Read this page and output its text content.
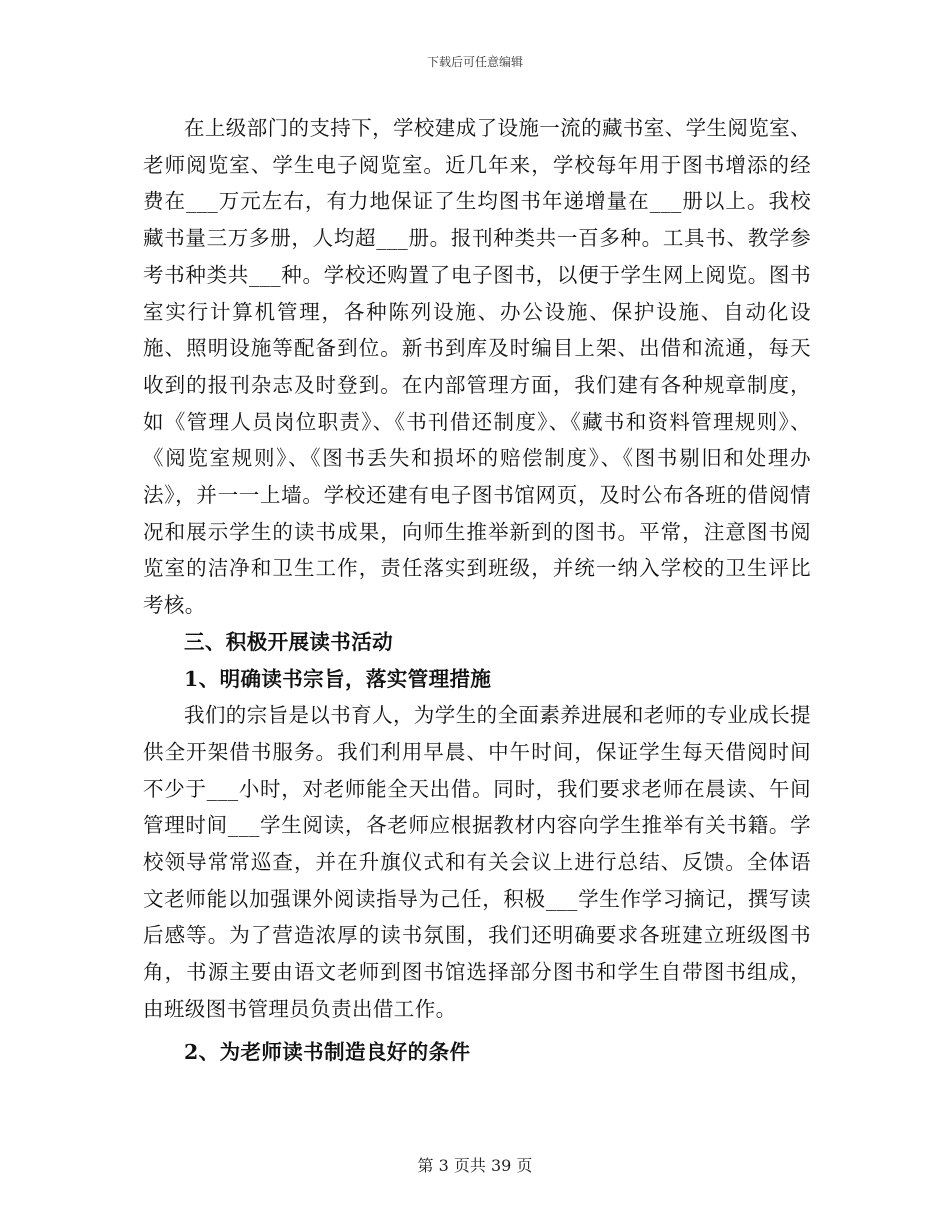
下载后可任意编辑

在上级部门的支持下，学校建成了设施一流的藏书室、学生阅览室、老师阅览室、学生电子阅览室。近几年来，学校每年用于图书增添的经费在___万元左右，有力地保证了生均图书年递增量在___册以上。我校藏书量三万多册，人均超___册。报刊种类共一百多种。工具书、教学参考书种类共___种。学校还购置了电子图书，以便于学生网上阅览。图书室实行计算机管理，各种陈列设施、办公设施、保护设施、自动化设施、照明设施等配备到位。新书到库及时编目上架、出借和流通，每天收到的报刊杂志及时登到。在内部管理方面，我们建有各种规章制度，如《管理人员岗位职责》、《书刊借还制度》、《藏书和资料管理规则》、《阅览室规则》、《图书丢失和损坏的赔偿制度》、《图书剔旧和处理办法》，并一一上墙。学校还建有电子图书馆网页，及时公布各班的借阅情况和展示学生的读书成果，向师生推举新到的图书。平常，注意图书阅览室的洁净和卫生工作，责任落实到班级，并统一纳入学校的卫生评比考核。

三、积极开展读书活动

1、明确读书宗旨，落实管理措施

我们的宗旨是以书育人，为学生的全面素养进展和老师的专业成长提供全开架借书服务。我们利用早晨、中午时间，保证学生每天借阅时间不少于___小时，对老师能全天出借。同时，我们要求老师在晨读、午间管理时间___学生阅读，各老师应根据教材内容向学生推举有关书籍。学校领导常常巡查，并在升旗仪式和有关会议上进行总结、反馈。全体语文老师能以加强课外阅读指导为己任，积极___学生作学习摘记，撰写读后感等。为了营造浓厚的读书氛围，我们还明确要求各班建立班级图书角，书源主要由语文老师到图书馆选择部分图书和学生自带图书组成，由班级图书管理员负责出借工作。

2、为老师读书制造良好的条件

第 3 页共 39 页
